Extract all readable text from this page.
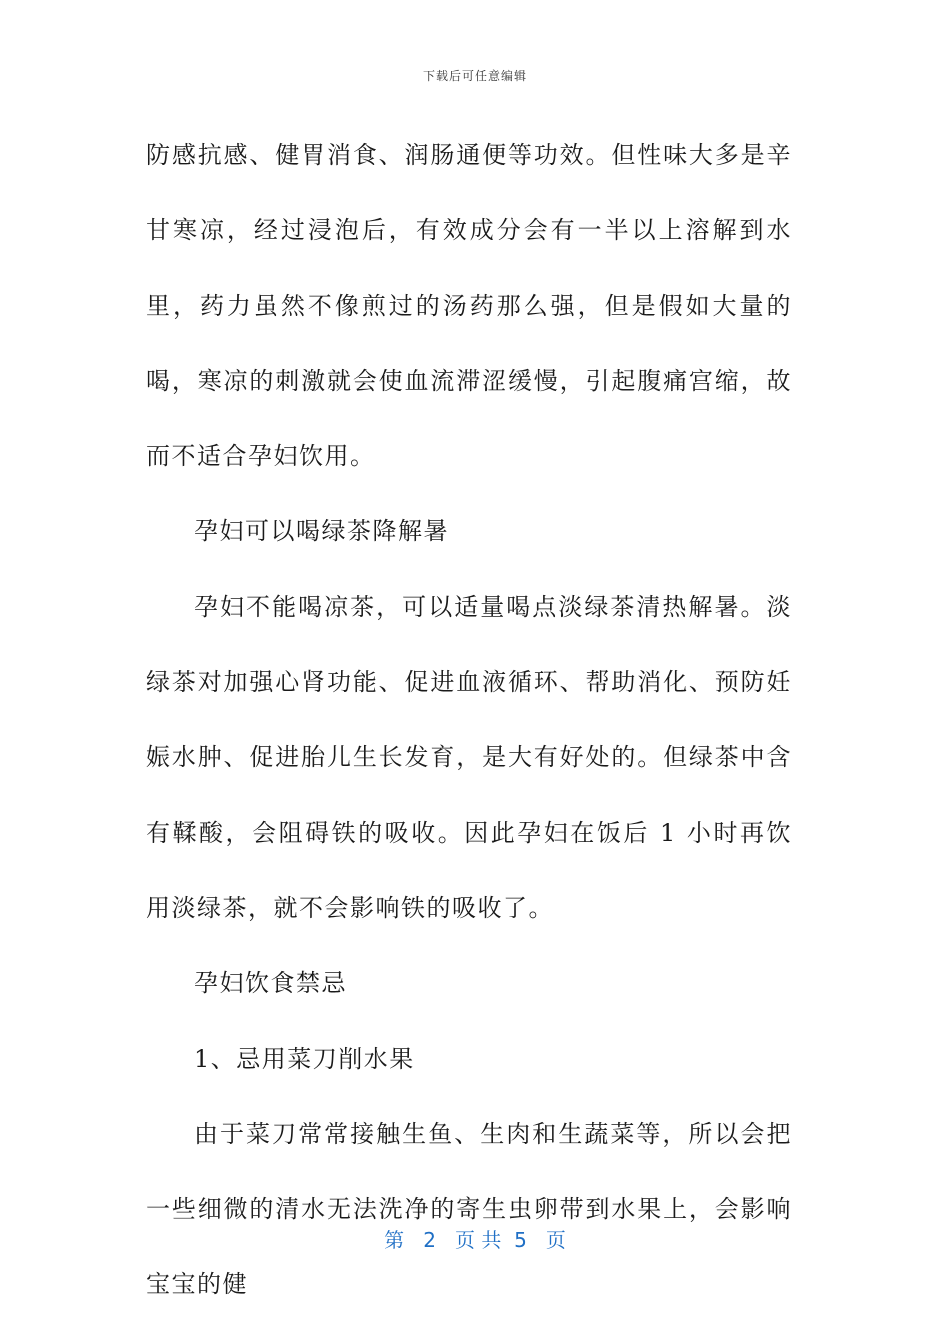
下载后可任意编辑

防感抗感、健胃消食、润肠通便等功效。但性味大多是辛甘寒凉，经过浸泡后，有效成分会有一半以上溶解到水里，药力虽然不像煎过的汤药那么强，但是假如大量的喝，寒凉的刺激就会使血流滞涩缓慢，引起腹痛宫缩，故而不适合孕妇饮用。

孕妇可以喝绿茶降解暑

孕妇不能喝凉茶，可以适量喝点淡绿茶清热解暑。淡绿茶对加强心肾功能、促进血液循环、帮助消化、预防妊娠水肿、促进胎儿生长发育，是大有好处的。但绿茶中含有鞣酸，会阻碍铁的吸收。因此孕妇在饭后 1 小时再饮用淡绿茶，就不会影响铁的吸收了。

孕妇饮食禁忌

1、忌用菜刀削水果

由于菜刀常常接触生鱼、生肉和生蔬菜等，所以会把一些细微的清水无法洗净的寄生虫卵带到水果上，会影响宝宝的健

第 2 页 共 5 页
